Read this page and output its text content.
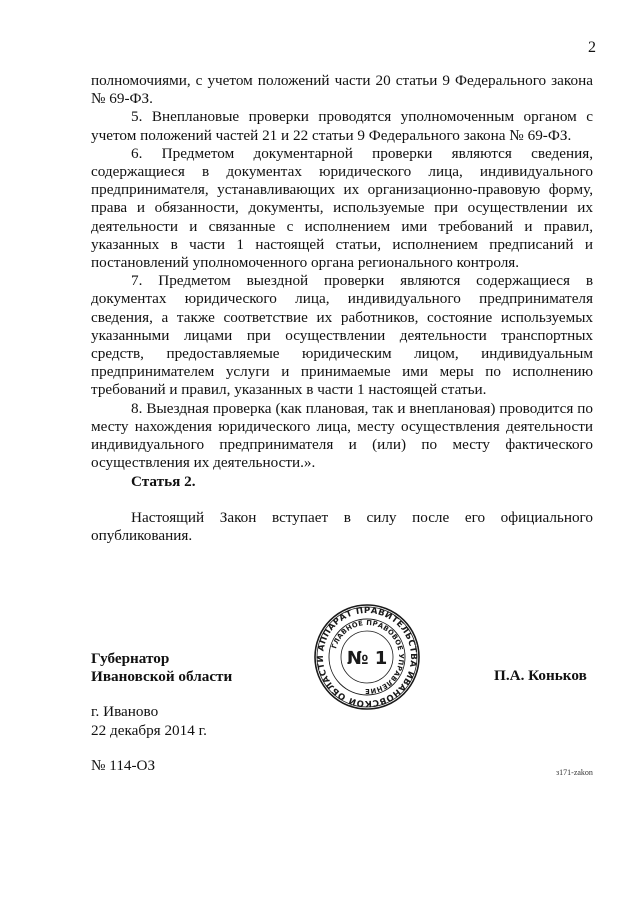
2

полномочиями, с учетом положений части 20 статьи 9 Федерального закона № 69-ФЗ.

5. Внеплановые проверки проводятся уполномоченным органом с учетом положений частей 21 и 22 статьи 9 Федерального закона № 69-ФЗ.

6. Предметом документарной проверки являются сведения, содержащиеся в документах юридического лица, индивидуального предпринимателя, устанавливающих их организационно-правовую форму, права и обязанности, документы, используемые при осуществлении их деятельности и связанные с исполнением ими требований и правил, указанных в части 1 настоящей статьи, исполнением предписаний и постановлений уполномоченного органа регионального контроля.

7. Предметом выездной проверки являются содержащиеся в документах юридического лица, индивидуального предпринимателя сведения, а также соответствие их работников, состояние используемых указанными лицами при осуществлении деятельности транспортных средств, предоставляемые юридическим лицом, индивидуальным предпринимателем услуги и принимаемые ими меры по исполнению требований и правил, указанных в части 1 настоящей статьи.

8. Выездная проверка (как плановая, так и внеплановая) проводится по месту нахождения юридического лица, месту осуществления деятельности индивидуального предпринимателя и (или) по месту фактического осуществления их деятельности.».

Статья 2.

Настоящий Закон вступает в силу после его официального опубликования.

Губернатор
Ивановской области
АППАРАТ ПРАВИТЕЛЬСТВА ИВАНОВСКОЙ ОБЛАСТИ
ГЛАВНОЕ ПРАВОВОЕ УПРАВЛЕНИЕ
№ 1
П.А. Коньков
г. Иваново
22 декабря 2014 г.
№ 114-ОЗ	з171-zakon
